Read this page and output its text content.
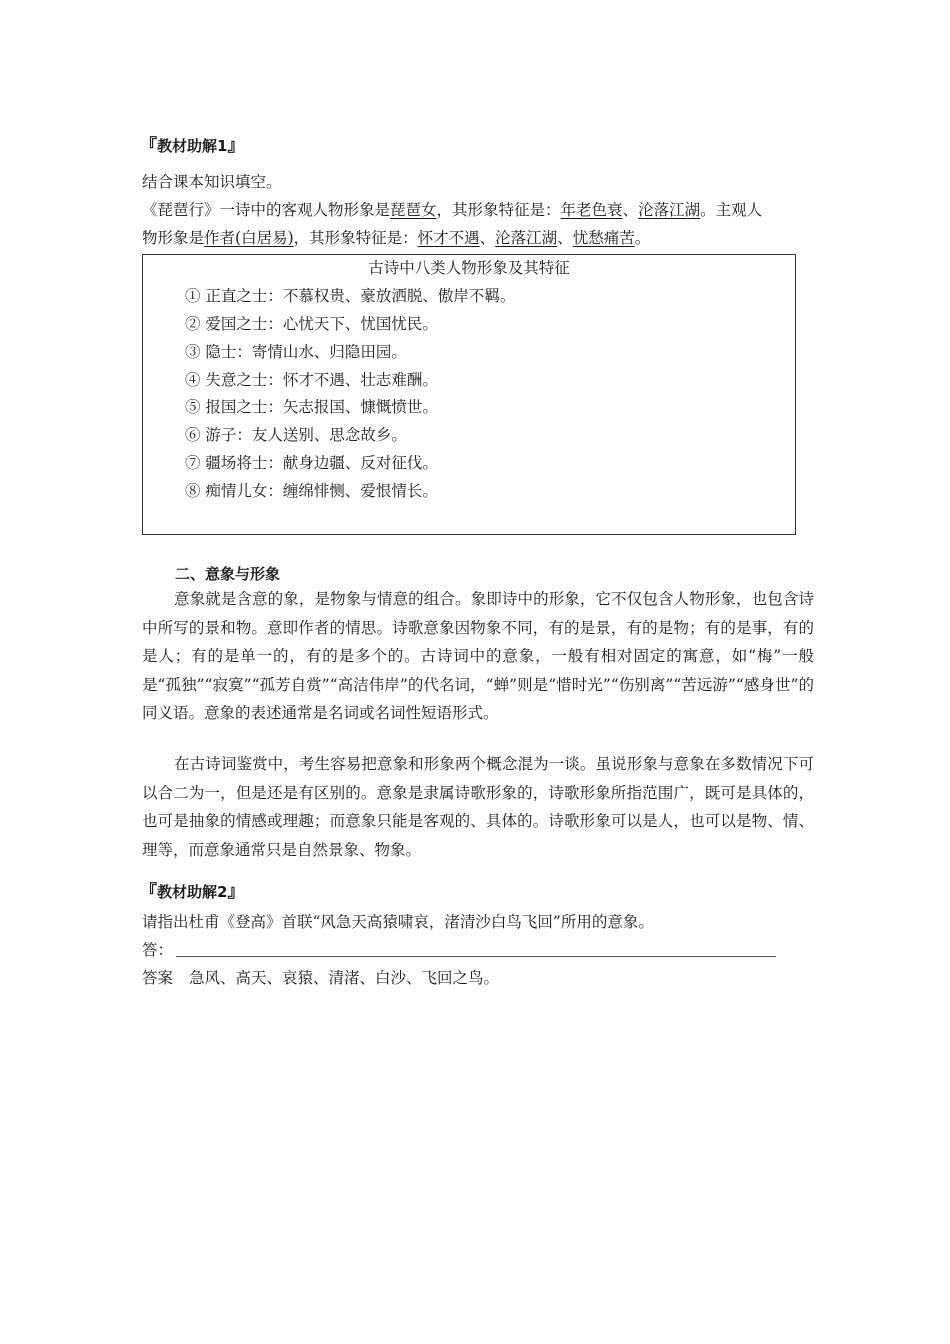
『教材助解1』
结合课本知识填空。
《琵琶行》一诗中的客观人物形象是琵琶女，其形象特征是：年老色衰、沦落江湖。主观人
物形象是作者(白居易)，其形象特征是：怀才不遇、沦落江湖、忧愁痛苦。
古诗中八类人物形象及其特征
① 正直之士：不慕权贵、豪放洒脱、傲岸不羁。
② 爱国之士：心忧天下、忧国忧民。
③ 隐士：寄情山水、归隐田园。
④ 失意之士：怀才不遇、壮志难酬。
⑤ 报国之士：矢志报国、慷慨愤世。
⑥ 游子：友人送别、思念故乡。
⑦ 疆场将士：献身边疆、反对征伐。
⑧ 痴情儿女：缠绵悱恻、爱恨情长。
二、意象与形象
意象就是含意的象，是物象与情意的组合。象即诗中的形象，它不仅包含人物形象，也包含诗中所写的景和物。意即作者的情思。诗歌意象因物象不同，有的是景，有的是物；有的是事，有的是人；有的是单一的，有的是多个的。古诗词中的意象，一般有相对固定的寓意，如“梅”一般是“孤独”“寂寞”“孤芳自赏”“高洁伟岸”的代名词，“蝉”则是“惜时光”“伤别离”“苦远游”“感身世”的同义语。意象的表述通常是名词或名词性短语形式。
在古诗词鉴赏中，考生容易把意象和形象两个概念混为一谈。虽说形象与意象在多数情况下可以合二为一，但是还是有区别的。意象是隶属诗歌形象的，诗歌形象所指范围广，既可是具体的，也可是抽象的情感或理趣；而意象只能是客观的、具体的。诗歌形象可以是人，也可以是物、情、理等，而意象通常只是自然景象、物象。
『教材助解2』
请指出杜甫《登高》首联“风急天高猿啸哀，渚清沙白鸟飞回”所用的意象。
答：
答案 急风、高天、哀猿、清渚、白沙、飞回之鸟。
